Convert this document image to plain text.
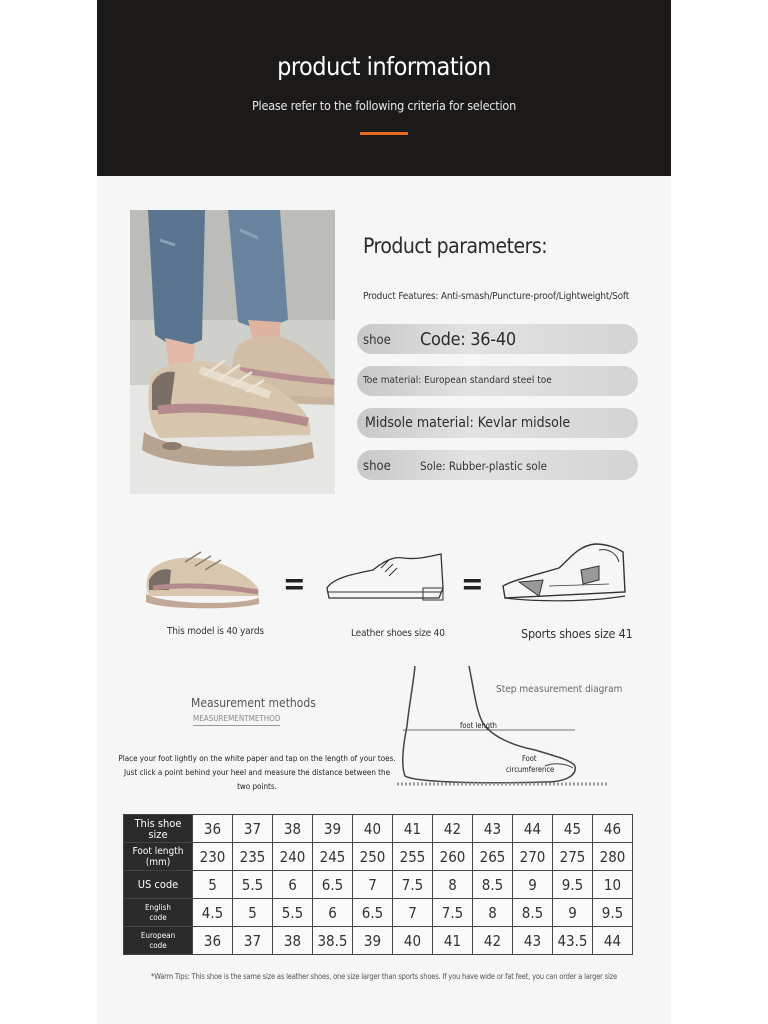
product information
Please refer to the following criteria for selection
Product parameters:
Product Features: Anti-smash/Puncture-proof/Lightweight/Soft
shoe Code: 36-40
Toe material: European standard steel toe
Midsole material: Kevlar midsole
shoe	Sole: Rubber-plastic sole
=	=
This model is 40 yards	Leather shoes size 40	Sports shoes size 41
Measurement methods
MEASUREMENTMETHOD
Place your foot lightly on the white paper and tap on the length of your toes.
Just click a point behind your heel and measure the distance between the two points.
Step measurement diagram
foot length
Foot
circumference
This shoe size	36	37	38	39	40	41	42	43	44	45	46
Foot length (mm)	230	235	240	245	250	255	260	265	270	275	280
US code	5	5.5	6	6.5	7	7.5	8	8.5	9	9.5	10
English
code	4.5	5	5.5	6	6.5	7	7.5	8	8.5	9	9.5
European
code	36	37	38	38.5	39	40	41	42	43	43.5	44
*Warm Tips: This shoe is the same size as leather shoes, one size larger than sports shoes. If you have wide or fat feet, you can order a larger size
